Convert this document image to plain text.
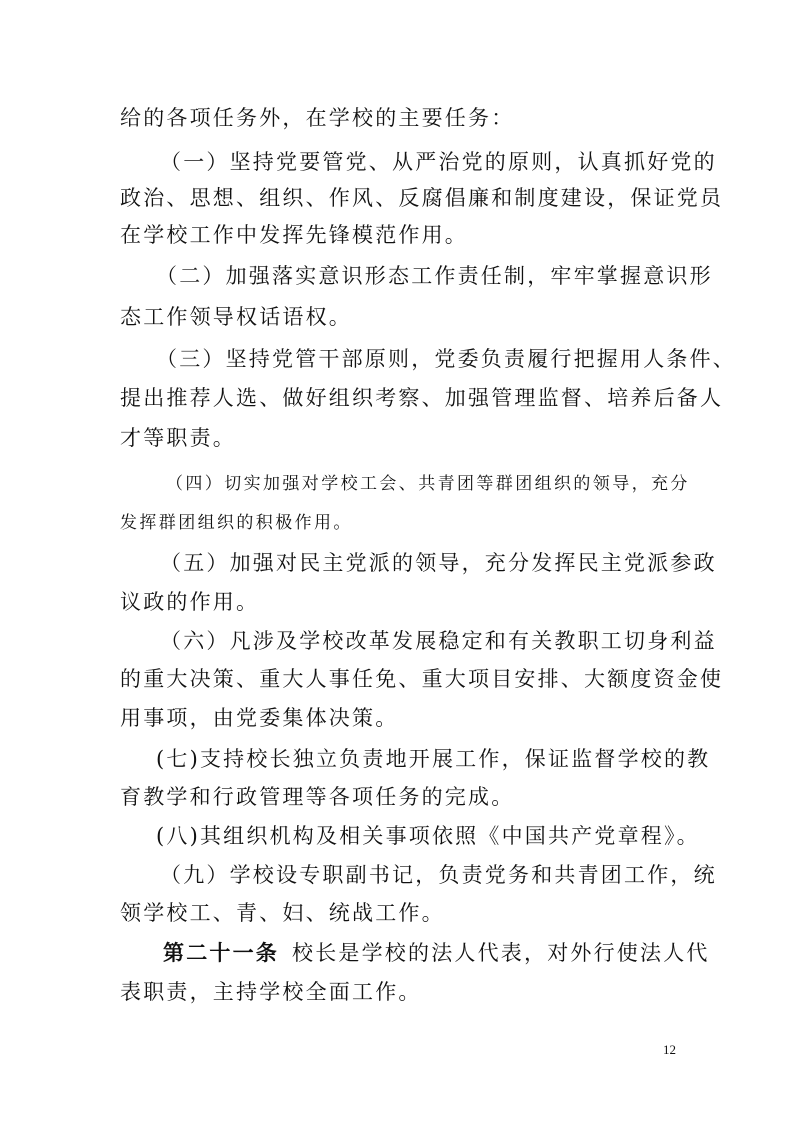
给的各项任务外，在学校的主要任务：

（一）坚持党要管党、从严治党的原则，认真抓好党的

政治、思想、组织、作风、反腐倡廉和制度建设，保证党员

在学校工作中发挥先锋模范作用。

（二）加强落实意识形态工作责任制，牢牢掌握意识形

态工作领导权话语权。

（三）坚持党管干部原则，党委负责履行把握用人条件、

提出推荐人选、做好组织考察、加强管理监督、培养后备人

才等职责。

（四）切实加强对学校工会、共青团等群团组织的领导，充分

发挥群团组织的积极作用。

（五）加强对民主党派的领导，充分发挥民主党派参政

议政的作用。

（六）凡涉及学校改革发展稳定和有关教职工切身利益

的重大决策、重大人事任免、重大项目安排、大额度资金使

用事项，由党委集体决策。

(七)支持校长独立负责地开展工作，保证监督学校的教

育教学和行政管理等各项任务的完成。

(八)其组织机构及相关事项依照《中国共产党章程》。

（九）学校设专职副书记，负责党务和共青团工作，统

领学校工、青、妇、统战工作。

第二十一条 校长是学校的法人代表，对外行使法人代

表职责，主持学校全面工作。

12
